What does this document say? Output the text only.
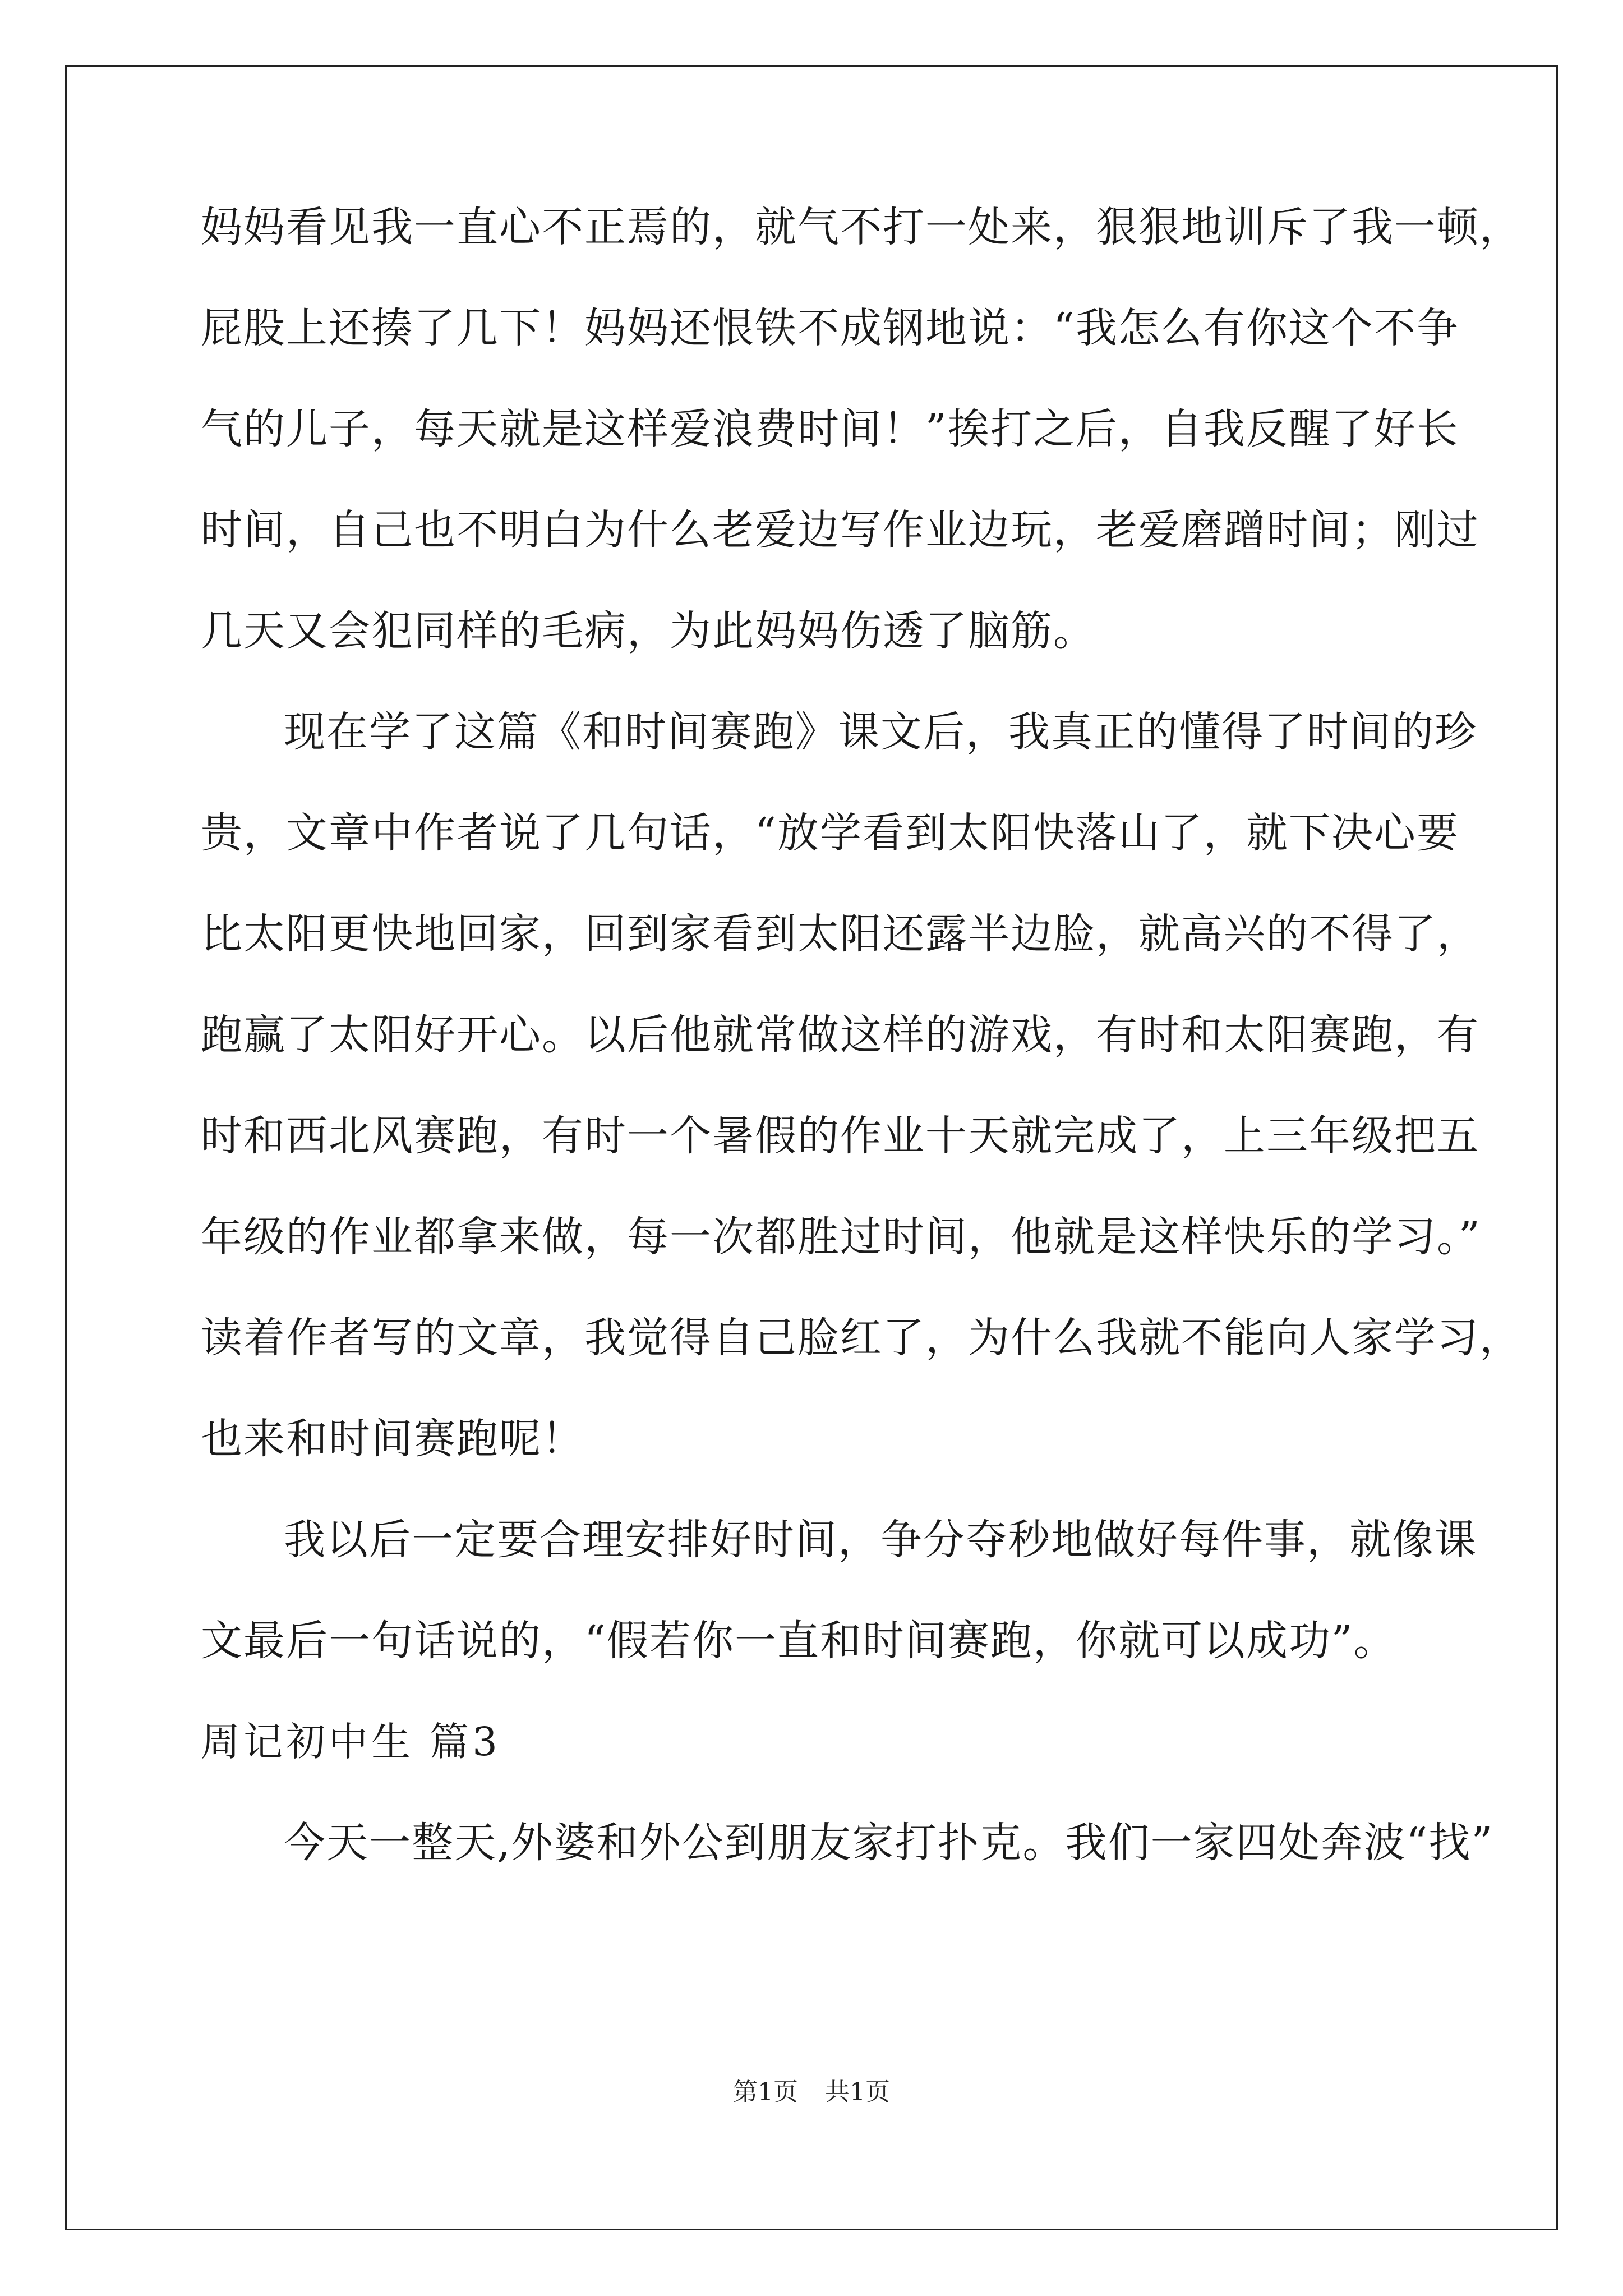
妈妈看见我一直心不正焉的，就气不打一处来，狠狠地训斥了我一顿，
屁股上还揍了几下！妈妈还恨铁不成钢地说：“我怎么有你这个不争
气的儿子，每天就是这样爱浪费时间！”挨打之后，自我反醒了好长
时间，自己也不明白为什么老爱边写作业边玩，老爱磨蹭时间；刚过
几天又会犯同样的毛病，为此妈妈伤透了脑筋。
现在学了这篇《和时间赛跑》课文后，我真正的懂得了时间的珍
贵，文章中作者说了几句话，“放学看到太阳快落山了，就下决心要
比太阳更快地回家，回到家看到太阳还露半边脸，就高兴的不得了，
跑赢了太阳好开心。以后他就常做这样的游戏，有时和太阳赛跑，有
时和西北风赛跑，有时一个暑假的作业十天就完成了，上三年级把五
年级的作业都拿来做，每一次都胜过时间，他就是这样快乐的学习。”
读着作者写的文章，我觉得自己脸红了，为什么我就不能向人家学习，
也来和时间赛跑呢！
我以后一定要合理安排好时间，争分夺秒地做好每件事，就像课
文最后一句话说的，“假若你一直和时间赛跑，你就可以成功”。
周记初中生 篇3
今天一整天,外婆和外公到朋友家打扑克。我们一家四处奔波“找”
第1页 共1页
